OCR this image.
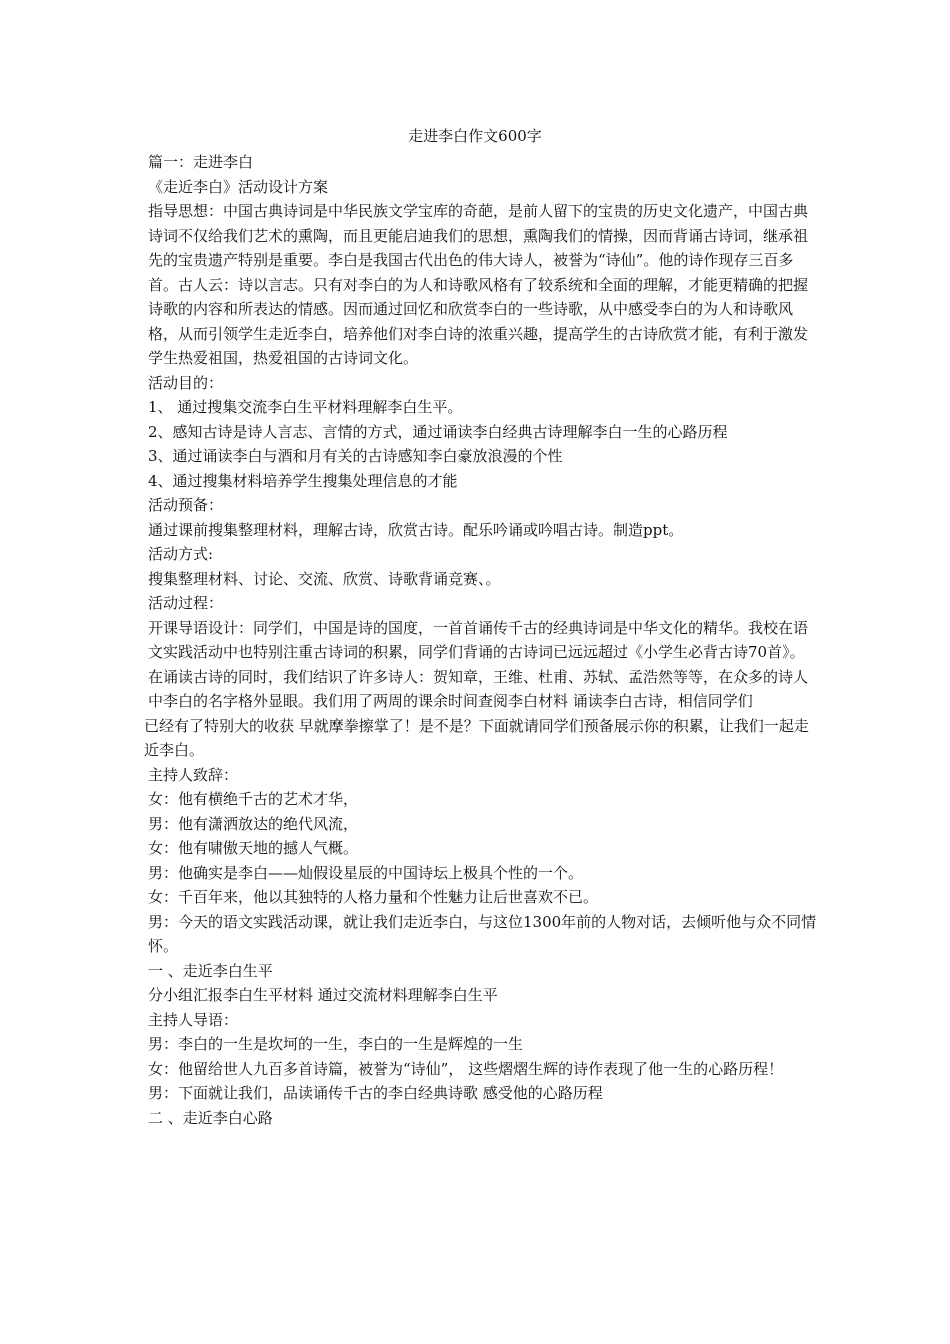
走进李白作文600字

篇一：走进李白

《走近李白》活动设计方案

指导思想：中国古典诗词是中华民族文学宝库的奇葩，是前人留下的宝贵的历史文化遗产，中国古典诗词不仅给我们艺术的熏陶，而且更能启迪我们的思想，熏陶我们的情操，因而背诵古诗词，继承祖先的宝贵遗产特别是重要。李白是我国古代出色的伟大诗人，被誉为“诗仙”。他的诗作现存三百多首。古人云：诗以言志。只有对李白的为人和诗歌风格有了较系统和全面的理解，才能更精确的把握诗歌的内容和所表达的情感。因而通过回忆和欣赏李白的一些诗歌，从中感受李白的为人和诗歌风格，从而引领学生走近李白，培养他们对李白诗的浓重兴趣，提高学生的古诗欣赏才能，有利于激发学生热爱祖国，热爱祖国的古诗词文化。

活动目的：

1、 通过搜集交流李白生平材料理解李白生平。

2、感知古诗是诗人言志、言情的方式，通过诵读李白经典古诗理解李白一生的心路历程

3、通过诵读李白与酒和月有关的古诗感知李白豪放浪漫的个性

4、通过搜集材料培养学生搜集处理信息的才能

活动预备：

通过课前搜集整理材料，理解古诗，欣赏古诗。配乐吟诵或吟唱古诗。制造ppt。

活动方式:

搜集整理材料、讨论、交流、欣赏、诗歌背诵竞赛、。

活动过程：

开课导语设计：同学们，中国是诗的国度，一首首诵传千古的经典诗词是中华文化的精华。我校在语文实践活动中也特别注重古诗词的积累，同学们背诵的古诗词已远远超过《小学生必背古诗70首》。在诵读古诗的同时，我们结识了许多诗人：贺知章，王维、杜甫、苏轼、孟浩然等等，在众多的诗人中李白的名字格外显眼。我们用了两周的课余时间查阅李白材料 诵读李白古诗，相信同学们

已经有了特别大的收获 早就摩拳擦掌了！是不是？下面就请同学们预备展示你的积累，让我们一起走近李白。

主持人致辞：

女：他有横绝千古的艺术才华，

男：他有潇洒放达的绝代风流，

女：他有啸傲天地的撼人气概。

男：他确实是李白——灿假设星辰的中国诗坛上极具个性的一个。

女：千百年来，他以其独特的人格力量和个性魅力让后世喜欢不已。

男：今天的语文实践活动课，就让我们走近李白，与这位1300年前的人物对话，去倾听他与众不同情怀。

一 、走近李白生平

分小组汇报李白生平材料 通过交流材料理解李白生平

主持人导语：

男：李白的一生是坎坷的一生，李白的一生是辉煌的一生

女：他留给世人九百多首诗篇，被誉为“诗仙”， 这些熠熠生辉的诗作表现了他一生的心路历程！

男：下面就让我们，品读诵传千古的李白经典诗歌 感受他的心路历程

二 、走近李白心路
